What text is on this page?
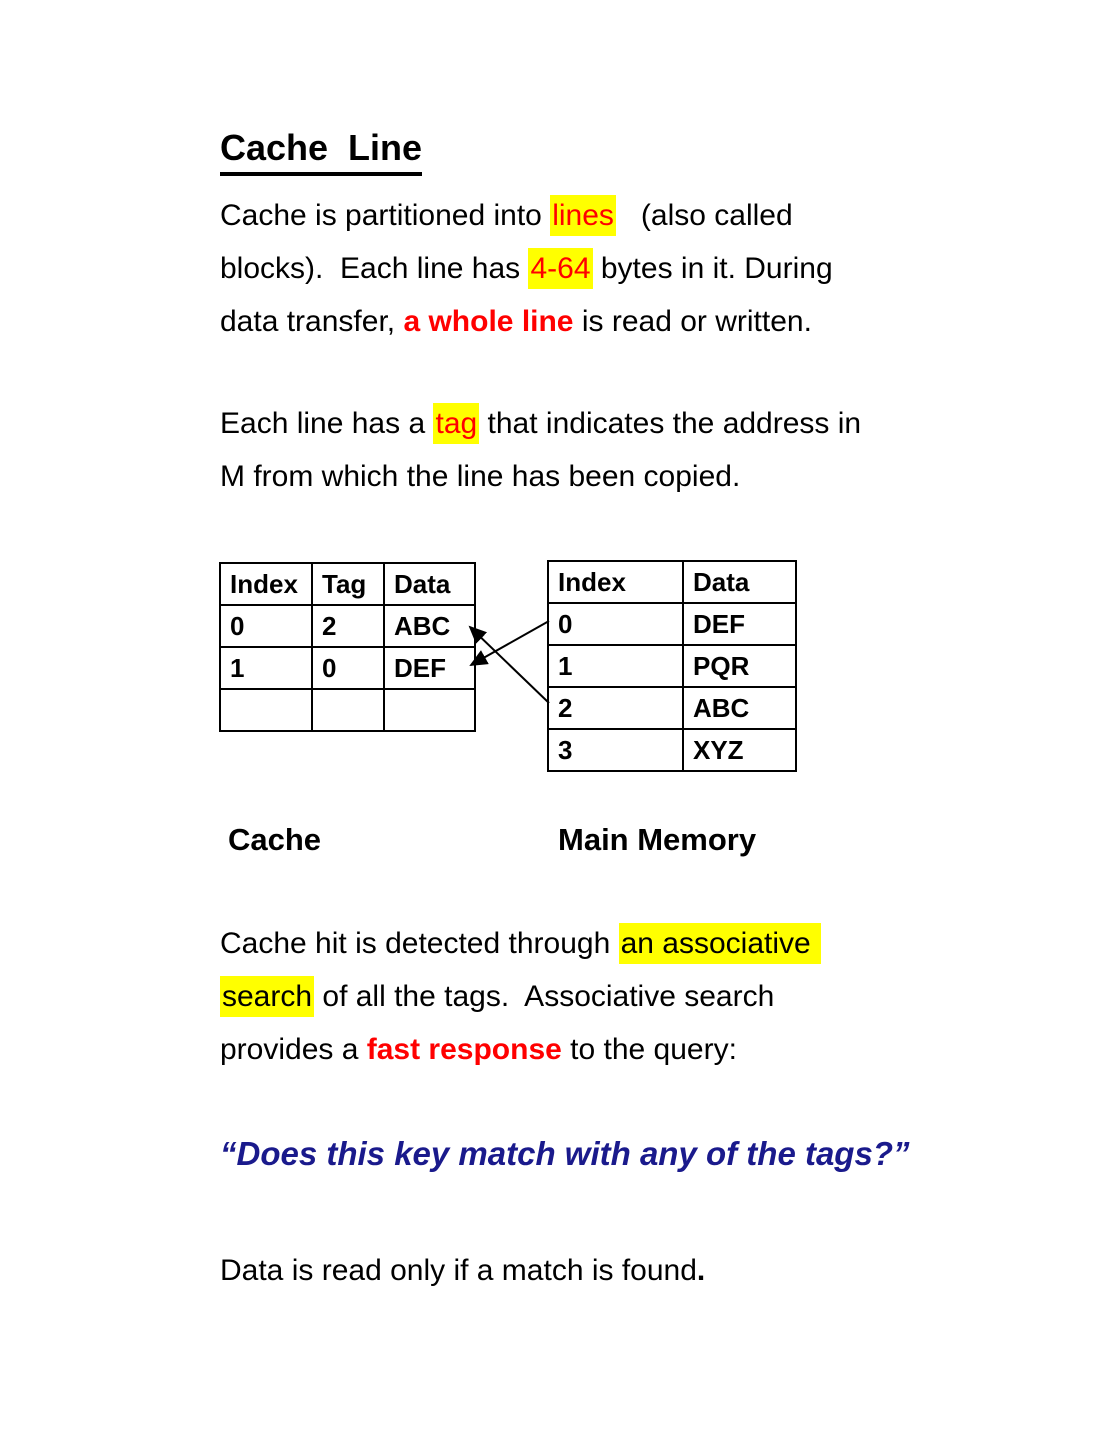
Cache  Line
Cache is partitioned into lines   (also called
blocks).  Each line has 4-64 bytes in it. During
data transfer, a whole line is read or written.
Each line has a tag that indicates the address in
M from which the line has been copied.
Index	Tag	Data
0	2	ABC
1	0	DEF

Index	Data
0	DEF
1	PQR
2	ABC
3	XYZ
Cache	Main Memory
Cache hit is detected through an associative
search of all the tags.  Associative search
provides a fast response to the query:
“Does this key match with any of the tags?”
Data is read only if a match is found.
